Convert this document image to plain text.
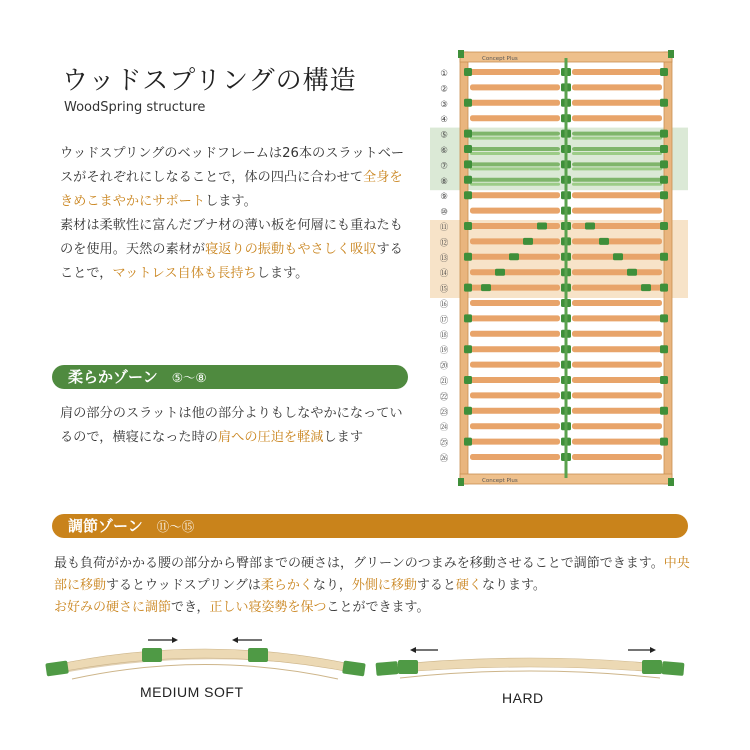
ウッドスプリングの構造
WoodSpring structure
ウッドスプリングのベッドフレームは26本のスラットベースがそれぞれにしなることで，体の四凸に合わせて全身をきめこまやかにサポートします。
素材は柔軟性に富んだブナ材の薄い板を何層にも重ねたものを使用。天然の素材が寝返りの振動もやさしく吸収することで，マットレス自体も長持ちします。
柔らかゾーン ⑤～⑧
肩の部分のスラットは他の部分よりもしなやかになっているので，横寝になった時の肩への圧迫を軽減します
調節ゾーン ⑪～⑮
最も負荷がかかる腰の部分から臀部までの硬さは，グリーンのつまみを移動させることで調節できます。中央部に移動するとウッドスプリングは柔らかくなり，外側に移動すると硬くなります。
お好みの硬さに調節でき，正しい寝姿勢を保つことができます。
Concept Plus
Concept Plus
①
②
③
④
⑤
⑥
⑦
⑧
⑨
⑩
⑪
⑫
⑬
⑭
⑮
⑯
⑰
⑱
⑲
⑳
㉑
㉒
㉓
㉔
㉕
㉖
MEDIUM SOFT	HARD
